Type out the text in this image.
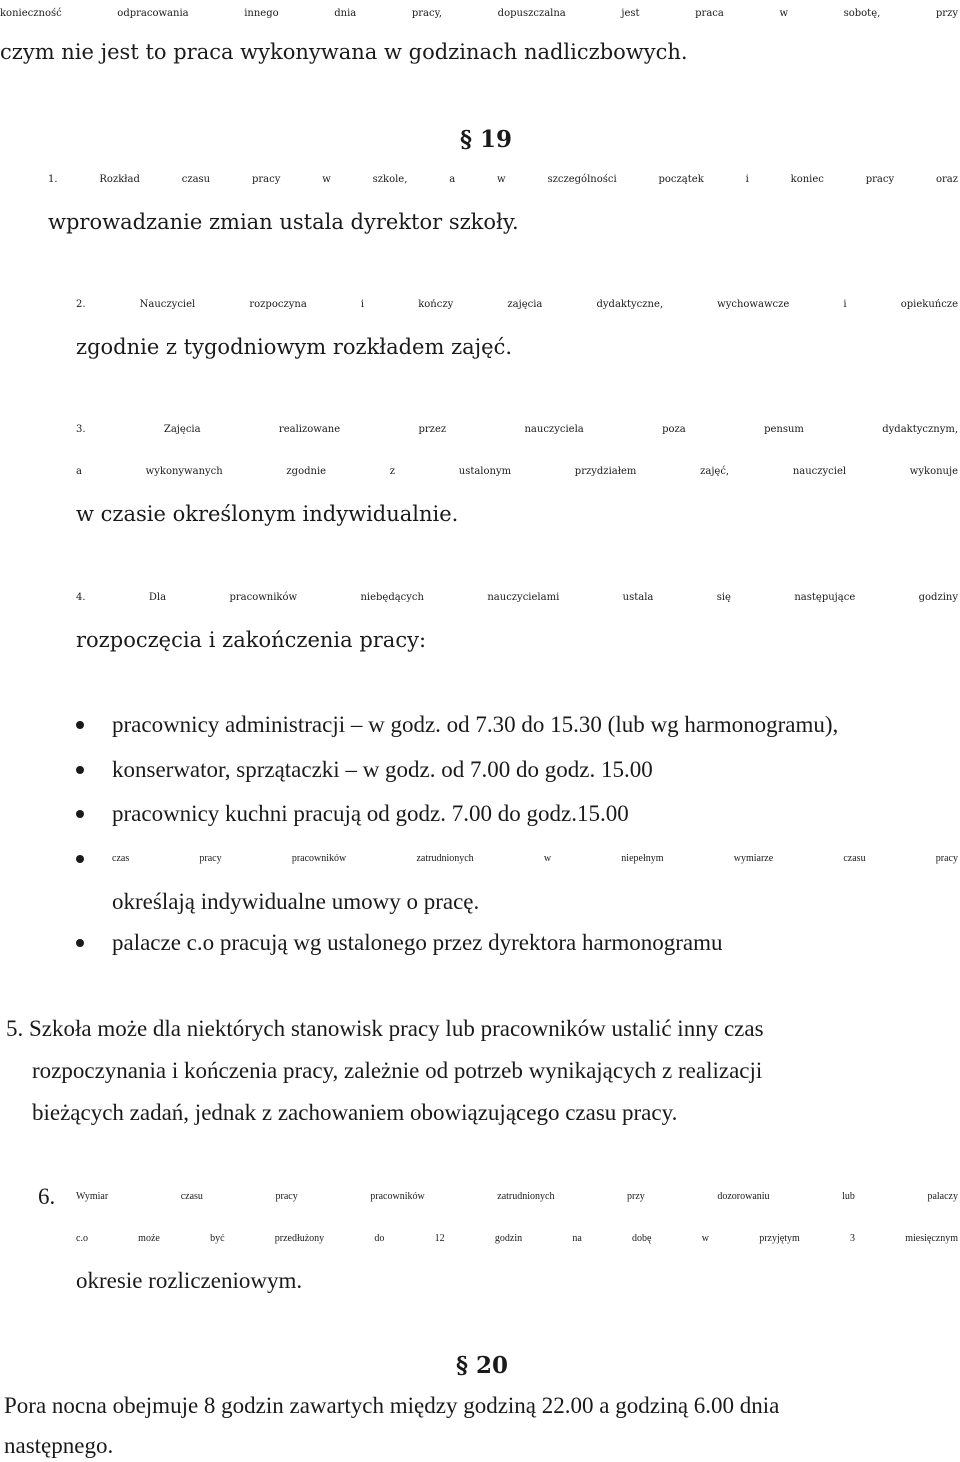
konieczność odpracowania innego dnia pracy, dopuszczalna jest praca w sobotę, przy
czym nie jest to praca wykonywana w godzinach nadliczbowych.
§ 19
1. Rozkład czasu pracy w szkole, a w szczególności początek i koniec pracy oraz
wprowadzanie zmian ustala dyrektor szkoły.
2. Nauczyciel rozpoczyna i kończy zajęcia dydaktyczne, wychowawcze i opiekuńcze
zgodnie z tygodniowym rozkładem zajęć.
3. Zajęcia realizowane przez nauczyciela poza pensum dydaktycznym,
a wykonywanych zgodnie z ustalonym przydziałem zajęć, nauczyciel wykonuje
w czasie określonym indywidualnie.
4. Dla pracowników niebędących nauczycielami ustala się następujące godziny
rozpoczęcia i zakończenia pracy:
pracownicy administracji – w godz. od 7.30 do 15.30 (lub wg harmonogramu),
konserwator, sprzątaczki – w godz. od 7.00 do godz. 15.00
pracownicy kuchni pracują od godz. 7.00 do godz.15.00
czas pracy pracowników zatrudnionych w niepełnym wymiarze czasu pracy
określają indywidualne umowy o pracę.
palacze c.o pracują wg ustalonego przez dyrektora harmonogramu
5. Szkoła może dla niektórych stanowisk pracy lub pracowników ustalić inny czas
rozpoczynania i kończenia pracy, zależnie od potrzeb wynikających z realizacji
bieżących zadań, jednak z zachowaniem obowiązującego czasu pracy.
6. Wymiar czasu pracy pracowników zatrudnionych przy dozorowaniu lub palaczy
c.o może być przedłużony do 12 godzin na dobę w przyjętym 3 miesięcznym
okresie rozliczeniowym.
§ 20
Pora nocna obejmuje 8 godzin zawartych między godziną 22.00 a godziną 6.00 dnia
następnego.
